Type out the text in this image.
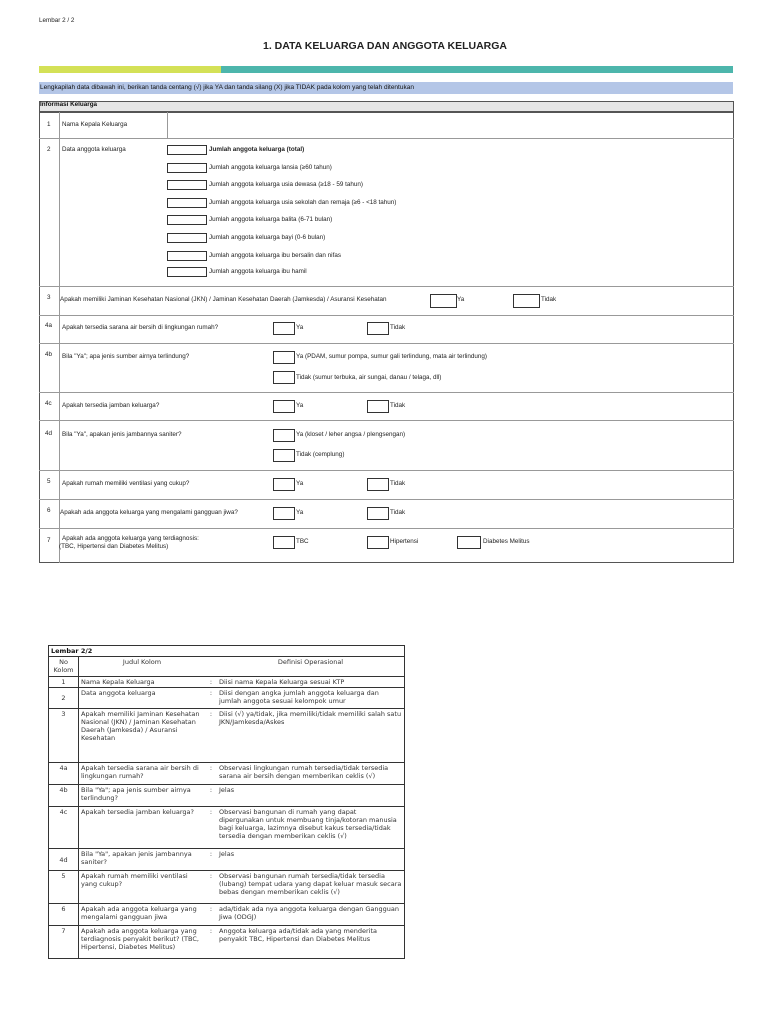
Lembar 2 / 2
1. DATA KELUARGA DAN ANGGOTA KELUARGA
Lengkapilah data dibawah ini, berikan tanda centang (√) jika YA dan tanda silang (X) jika TIDAK pada kolom yang telah ditentukan
Informasi Keluarga
1 Nama Kepala Keluarga
2 Data anggota keluarga	Jumlah anggota keluarga (total)
Jumlah anggota keluarga lansia (≥60 tahun)
Jumlah anggota keluarga usia dewasa (≥18 - 59 tahun)
Jumlah anggota keluarga usia sekolah dan remaja (≥6 - <18 tahun)
Jumlah anggota keluarga balita (6-71 bulan)
Jumlah anggota keluarga bayi (0-6 bulan)
Jumlah anggota keluarga ibu bersalin dan nifas
Jumlah anggota keluarga ibu hamil
3 Apakah memiliki Jaminan Kesehatan Nasional (JKN) / Jaminan Kesehatan Daerah (Jamkesda) / Asuransi Kesehatan	Ya	Tidak
4a Apakah tersedia sarana air bersih di lingkungan rumah?	Ya	Tidak
4b Bila "Ya"; apa jenis sumber airnya terlindung?	Ya (PDAM, sumur pompa, sumur gali terlindung, mata air terlindung)
Tidak (sumur terbuka, air sungai, danau / telaga, dll)
4c Apakah tersedia jamban keluarga?	Ya	Tidak
4d Bila "Ya", apakan jenis jambannya saniter?	Ya (kloset / leher angsa / plengsengan)
Tidak (cemplung)
5 Apakah rumah memiliki ventilasi yang cukup?	Ya	Tidak
6 Apakah ada anggota keluarga yang mengalami gangguan jiwa?	Ya	Tidak
7 Apakah ada anggota keluarga yang terdiagnosis:
(TBC, Hipertensi dan Diabetes Melitus)
TBC	Hipertensi	Diabetes Melitus
Lembar 2/2			
No Kolom	Judul Kolom		Definisi Operasional
1	Nama Kepala Keluarga	:	Diisi nama Kepala Keluarga sesuai KTP
2	Data anggota keluarga	:	Diisi dengan angka jumlah anggota keluarga dan jumlah anggota sesuai kelompok umur
3	Apakah memiliki Jaminan Kesehatan Nasional (JKN) / Jaminan Kesehatan Daerah (Jamkesda) / Asuransi Kesehatan	:	Diisi (√) ya/tidak, jika memiliki/tidak memiliki salah satu JKN/Jamkesda/Askes
4a	Apakah tersedia sarana air bersih di lingkungan rumah?	:	Observasi lingkungan rumah tersedia/tidak tersedia sarana air bersih dengan memberikan ceklis (√)
4b	Bila "Ya"; apa jenis sumber airnya terlindung?	:	Jelas
4c	Apakah tersedia jamban keluarga?	:	Observasi bangunan di rumah yang dapat dipergunakan untuk membuang tinja/kotoran manusia bagi keluarga, lazimnya disebut kakus tersedia/tidak tersedia dengan memberikan ceklis (√)
4d	Bila "Ya", apakan jenis jambannya saniter?	:	Jelas
5	Apakah rumah memiliki ventilasi yang cukup?	:	Observasi bangunan rumah tersedia/tidak tersedia (lubang) tempat udara yang dapat keluar masuk secara bebas dengan memberikan ceklis (√)
6	Apakah ada anggota keluarga yang mengalami gangguan jiwa	:	ada/tidak ada nya anggota keluarga dengan Gangguan Jiwa (ODGJ)
7	Apakah ada anggota keluarga yang terdiagnosis penyakit berikut? (TBC, Hipertensi, Diabetes Melitus)	:	Anggota keluarga ada/tidak ada yang menderita penyakit TBC, Hipertensi dan Diabetes Melitus
